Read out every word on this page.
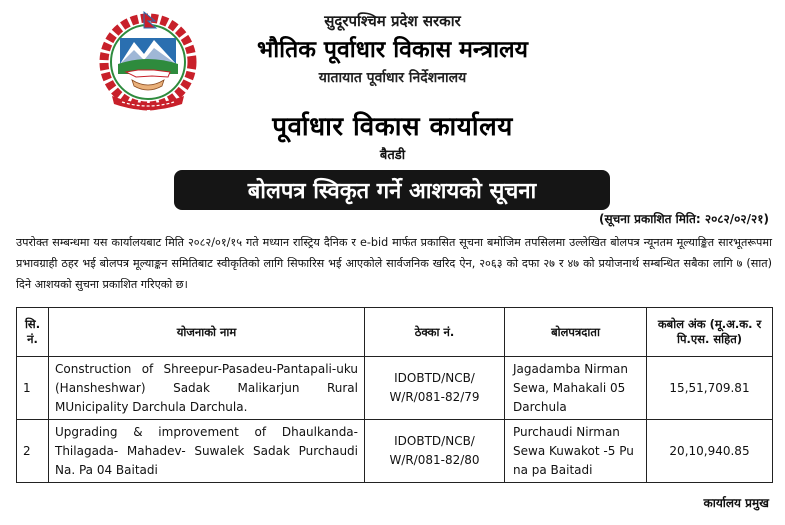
सुदूरपश्चिम प्रदेश सरकार
भौतिक पूर्वाधार विकास मन्त्रालय
यातायात पूर्वाधार निर्देशनालय
पूर्वाधार विकास कार्यालय
बैतडी
बोलपत्र स्विकृत गर्ने आशयको सूचना
(सूचना प्रकाशित मिति: २०८२/०२/२१)

उपरोक्त सम्बन्धमा यस कार्यालयबाट मिति २०८२/०१/१५ गते मध्यान रास्ट्रिय दैनिक र e-bid मार्फत प्रकासित सूचना बमोजिम तपसिलमा उल्लेखित बोलपत्र न्यूनतम मूल्याङ्कित सारभूतरूपमा प्रभावग्राही ठहर भई बोलपत्र मूल्याङ्कन समितिबाट स्वीकृतिको लागि सिफारिस भई आएकोले सार्वजनिक खरिद ऐन, २०६३ को दफा २७ र ४७ को प्रयोजनार्थ सम्बन्धित सबैका लागि ७ (सात) दिने आशयको सुचना प्रकाशित गरिएको छ।

सि. नं.	योजनाको नाम	ठेक्का नं.	बोलपत्रदाता	कबोल अंक (मू.अ.क. र पि.एस. सहित)
1	Construction of Shreepur-Pasadeu-Pantapali-uku (Hansheshwar) Sadak Malikarjun Rural MUnicipality Darchula Darchula.	IDOBTD/NCB/ W/R/081-82/79	Jagadamba Nirman Sewa, Mahakali 05 Darchula	15,51,709.81
2	Upgrading & improvement of Dhaulkanda-Thilagada- Mahadev- Suwalek Sadak Purchaudi Na. Pa 04 Baitadi	IDOBTD/NCB/ W/R/081-82/80	Purchaudi Nirman Sewa Kuwakot -5 Pu na pa Baitadi	20,10,940.85
कार्यालय प्रमुख
